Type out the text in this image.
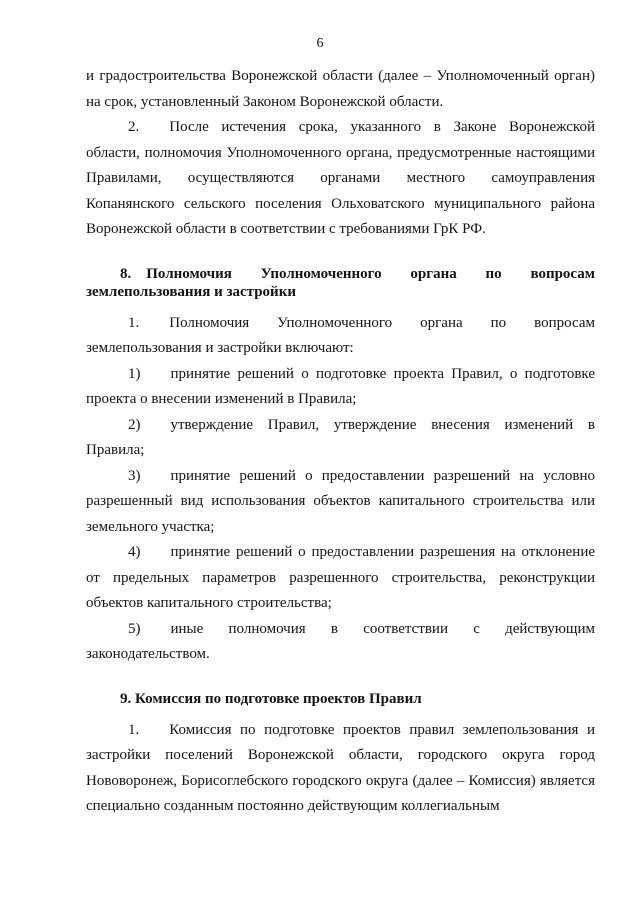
6

и градостроительства Воронежской области (далее – Уполномоченный орган) на срок, установленный Законом Воронежской области.

2.  После истечения срока, указанного в Законе Воронежской области, полномочия Уполномоченного органа, предусмотренные настоящими Правилами, осуществляются органами местного самоуправления Копанянского сельского поселения Ольховатского муниципального района Воронежской области в соответствии с требованиями ГрК РФ.

8. Полномочия Уполномоченного органа по вопросам землепользования и застройки

1.  Полномочия Уполномоченного органа по вопросам землепользования и застройки включают:

1)  принятие решений о подготовке проекта Правил, о подготовке проекта о внесении изменений в Правила;

2)  утверждение Правил, утверждение внесения изменений в Правила;

3)  принятие решений о предоставлении разрешений на условно разрешенный вид использования объектов капитального строительства или земельного участка;

4)  принятие решений о предоставлении разрешения на отклонение от предельных параметров разрешенного строительства, реконструкции объектов капитального строительства;

5)  иные полномочия в соответствии с действующим законодательством.

9. Комиссия по подготовке проектов Правил

1.  Комиссия по подготовке проектов правил землепользования и застройки поселений Воронежской области, городского округа город Нововоронеж, Борисоглебского городского округа (далее – Комиссия) является специально созданным постоянно действующим коллегиальным
